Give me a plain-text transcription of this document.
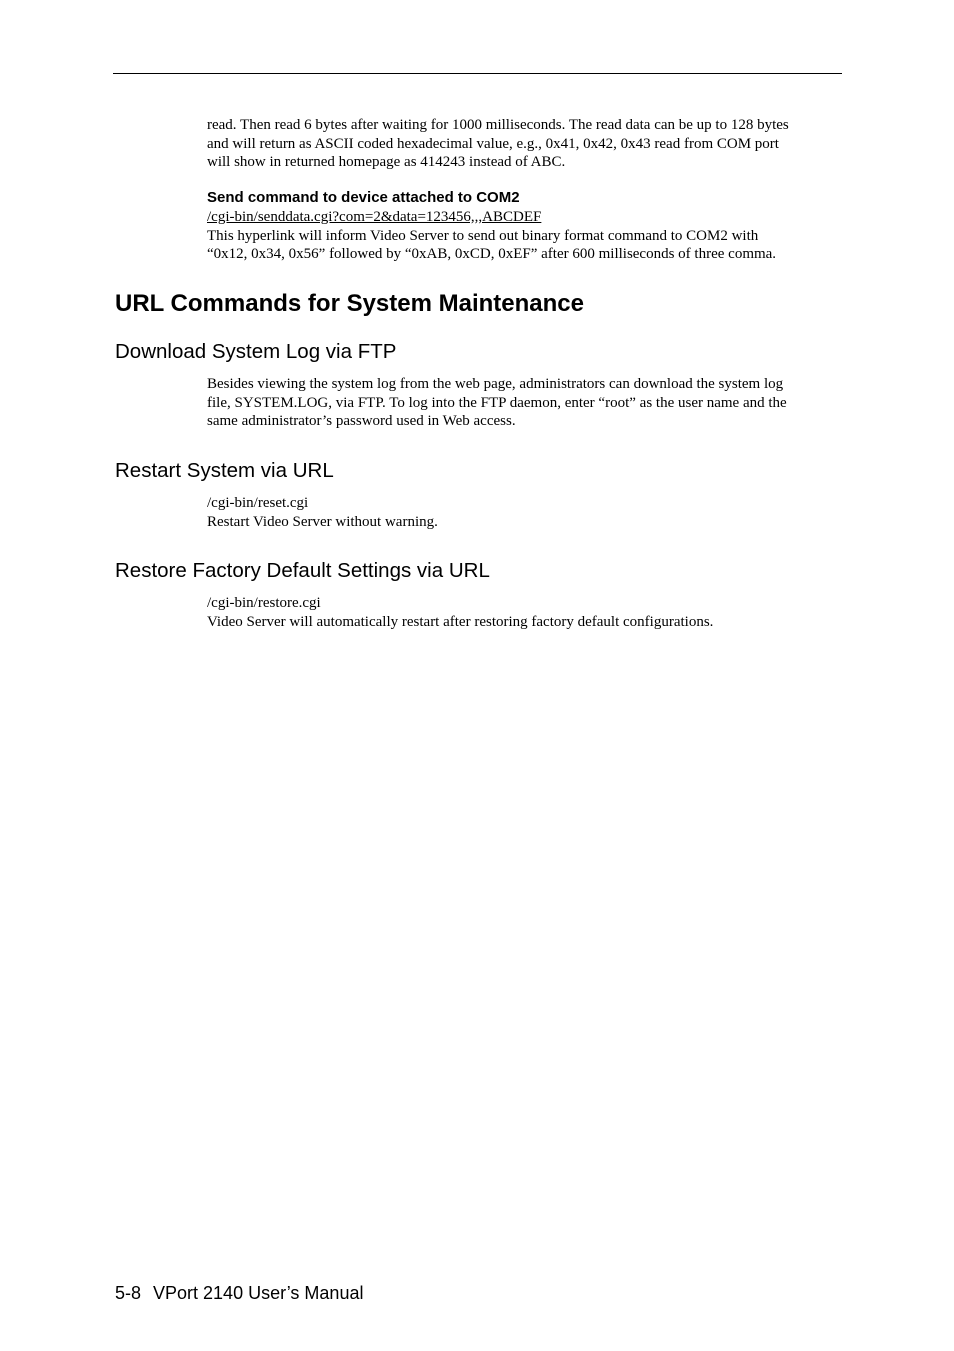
read. Then read 6 bytes after waiting for 1000 milliseconds. The read data can be up to 128 bytes

and will return as ASCII coded hexadecimal value, e.g., 0x41, 0x42, 0x43 read from COM port

will show in returned homepage as 414243 instead of ABC.

Send command to device attached to COM2

/cgi-bin/senddata.cgi?com=2&data=123456,,,ABCDEF

This hyperlink will inform Video Server to send out binary format command to COM2 with

“0x12, 0x34, 0x56” followed by “0xAB, 0xCD, 0xEF” after 600 milliseconds of three comma.

URL Commands for System Maintenance
Download System Log via FTP

Besides viewing the system log from the web page, administrators can download the system log

file, SYSTEM.LOG, via FTP. To log into the FTP daemon, enter “root” as the user name and the

same administrator’s password used in Web access.

Restart System via URL

/cgi-bin/reset.cgi

Restart Video Server without warning.

Restore Factory Default Settings via URL

/cgi-bin/restore.cgi

Video Server will automatically restart after restoring factory default configurations.

5-8 VPort 2140 User’s Manual
